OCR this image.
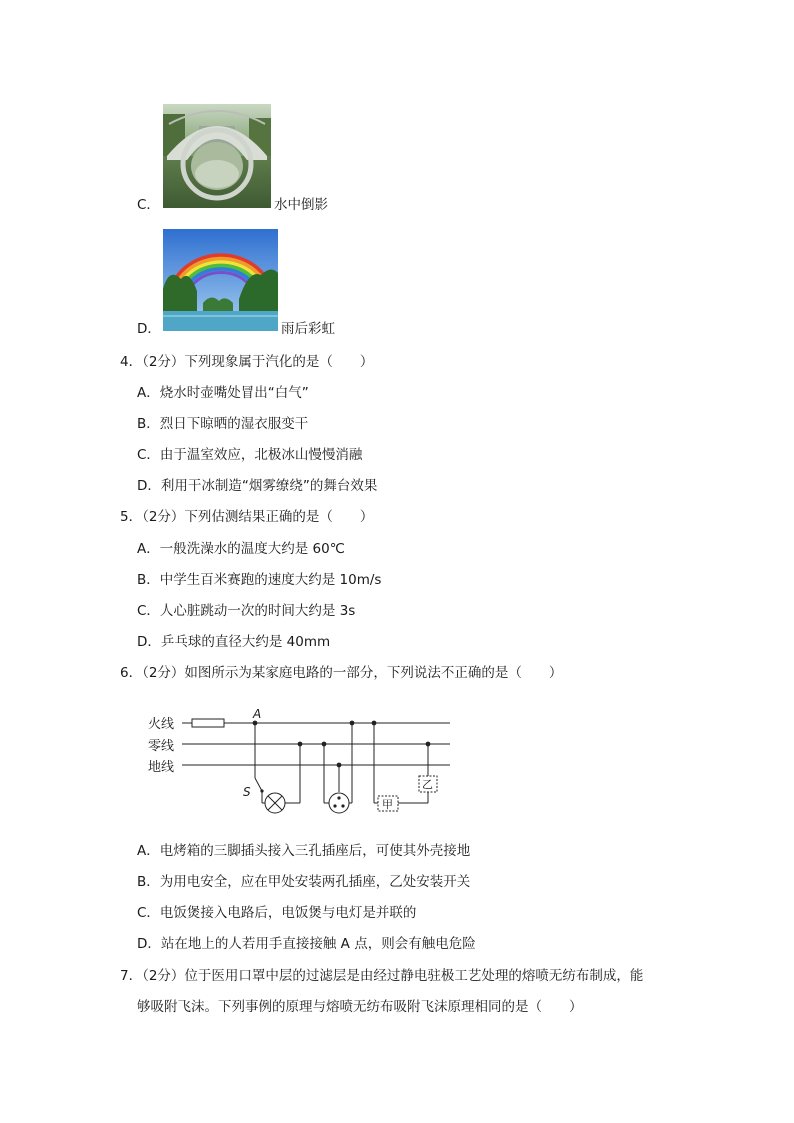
C．	水中倒影
D．	雨后彩虹
4．（2分）下列现象属于汽化的是（　　）
A．烧水时壶嘴处冒出“白气”
B．烈日下晾晒的湿衣服变干
C．由于温室效应，北极冰山慢慢消融
D．利用干冰制造“烟雾缭绕”的舞台效果
5．（2分）下列估测结果正确的是（　　）
A．一般洗澡水的温度大约是 60℃
B．中学生百米赛跑的速度大约是 10m/s
C．人心脏跳动一次的时间大约是 3s
D．乒乓球的直径大约是 40mm
6．（2分）如图所示为某家庭电路的一部分，下列说法不正确的是（　　）
火线
零线
地线
A
S
甲
乙
A．电烤箱的三脚插头接入三孔插座后，可使其外壳接地
B．为用电安全，应在甲处安装两孔插座，乙处安装开关
C．电饭煲接入电路后，电饭煲与电灯是并联的
D．站在地上的人若用手直接接触 A 点，则会有触电危险
7．（2分）位于医用口罩中层的过滤层是由经过静电驻极工艺处理的熔喷无纺布制成，能
够吸附飞沫。下列事例的原理与熔喷无纺布吸附飞沫原理相同的是（　　）
